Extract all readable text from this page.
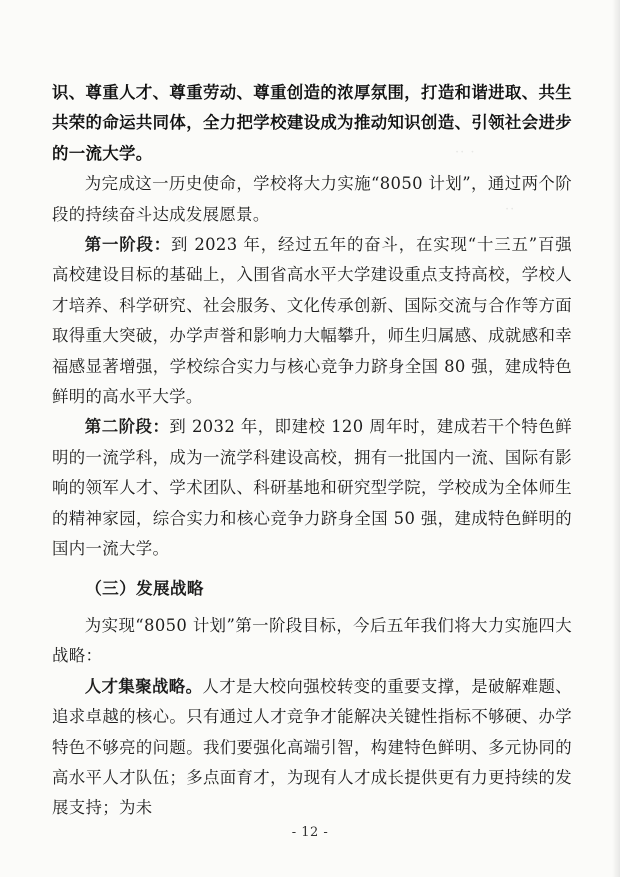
·· ·
··

识、尊重人才、尊重劳动、尊重创造的浓厚氛围，打造和谐进取、共生共荣的命运共同体，全力把学校建设成为推动知识创造、引领社会进步的一流大学。

为完成这一历史使命，学校将大力实施“8050 计划”，通过两个阶段的持续奋斗达成发展愿景。

第一阶段：到 2023 年，经过五年的奋斗，在实现“十三五”百强高校建设目标的基础上，入围省高水平大学建设重点支持高校，学校人才培养、科学研究、社会服务、文化传承创新、国际交流与合作等方面取得重大突破，办学声誉和影响力大幅攀升，师生归属感、成就感和幸福感显著增强，学校综合实力与核心竞争力跻身全国 80 强，建成特色鲜明的高水平大学。

第二阶段：到 2032 年，即建校 120 周年时，建成若干个特色鲜明的一流学科，成为一流学科建设高校，拥有一批国内一流、国际有影响的领军人才、学术团队、科研基地和研究型学院，学校成为全体师生的精神家园，综合实力和核心竞争力跻身全国 50 强，建成特色鲜明的国内一流大学。

（三）发展战略

为实现“8050 计划”第一阶段目标，今后五年我们将大力实施四大战略：

人才集聚战略。人才是大校向强校转变的重要支撑，是破解难题、追求卓越的核心。只有通过人才竞争才能解决关键性指标不够硬、办学特色不够亮的问题。我们要强化高端引智，构建特色鲜明、多元协同的高水平人才队伍；多点面育才，为现有人才成长提供更有力更持续的发展支持；为未

- 12 -
